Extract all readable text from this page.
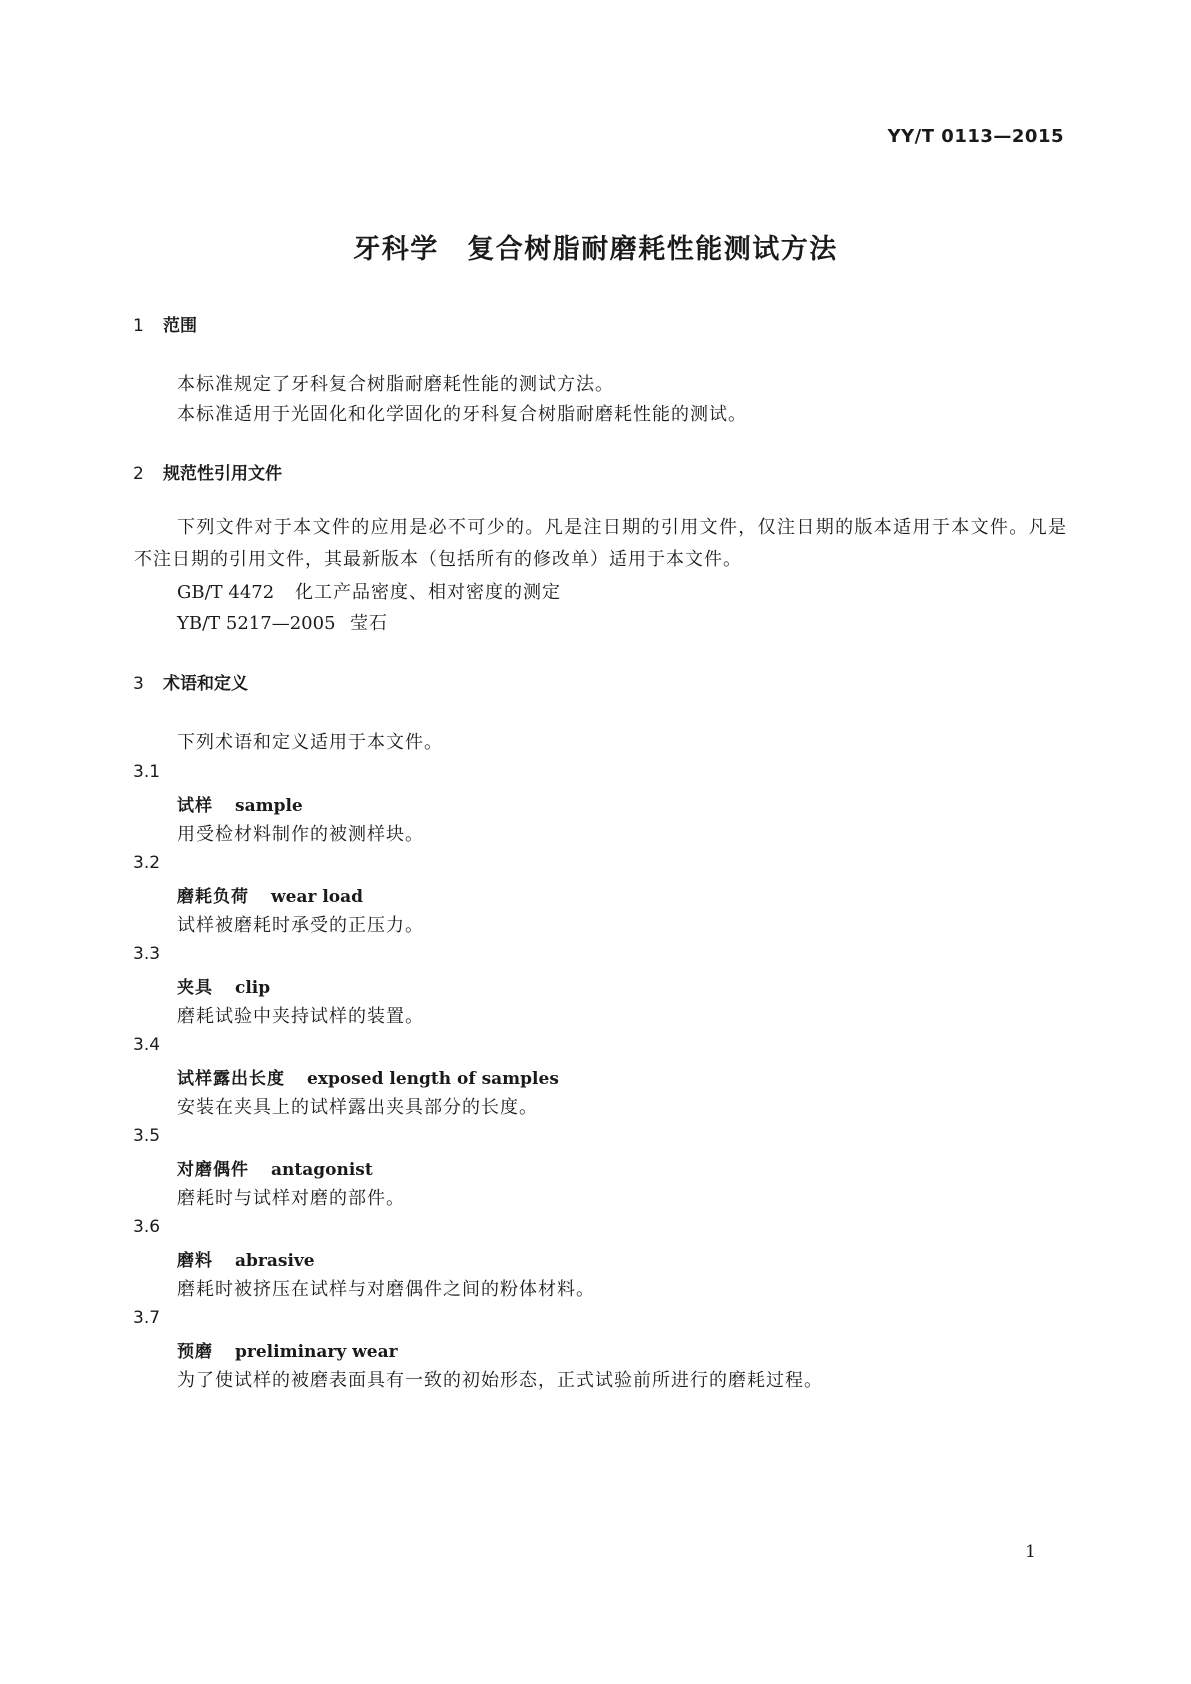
YY/T 0113—2015
牙科学　复合树脂耐磨耗性能测试方法
1 范围
本标准规定了牙科复合树脂耐磨耗性能的测试方法。
本标准适用于光固化和化学固化的牙科复合树脂耐磨耗性能的测试。
2 规范性引用文件
下列文件对于本文件的应用是必不可少的。凡是注日期的引用文件，仅注日期的版本适用于本文件。凡是不注日期的引用文件，其最新版本（包括所有的修改单）适用于本文件。
GB/T 4472 化工产品密度、相对密度的测定
YB/T 5217—2005 莹石
3 术语和定义
下列术语和定义适用于本文件。
3.1
试样 sample
用受检材料制作的被测样块。
3.2
磨耗负荷 wear load
试样被磨耗时承受的正压力。
3.3
夹具 clip
磨耗试验中夹持试样的装置。
3.4
试样露出长度 exposed length of samples
安装在夹具上的试样露出夹具部分的长度。
3.5
对磨偶件 antagonist
磨耗时与试样对磨的部件。
3.6
磨料 abrasive
磨耗时被挤压在试样与对磨偶件之间的粉体材料。
3.7
预磨 preliminary wear
为了使试样的被磨表面具有一致的初始形态，正式试验前所进行的磨耗过程。
1
